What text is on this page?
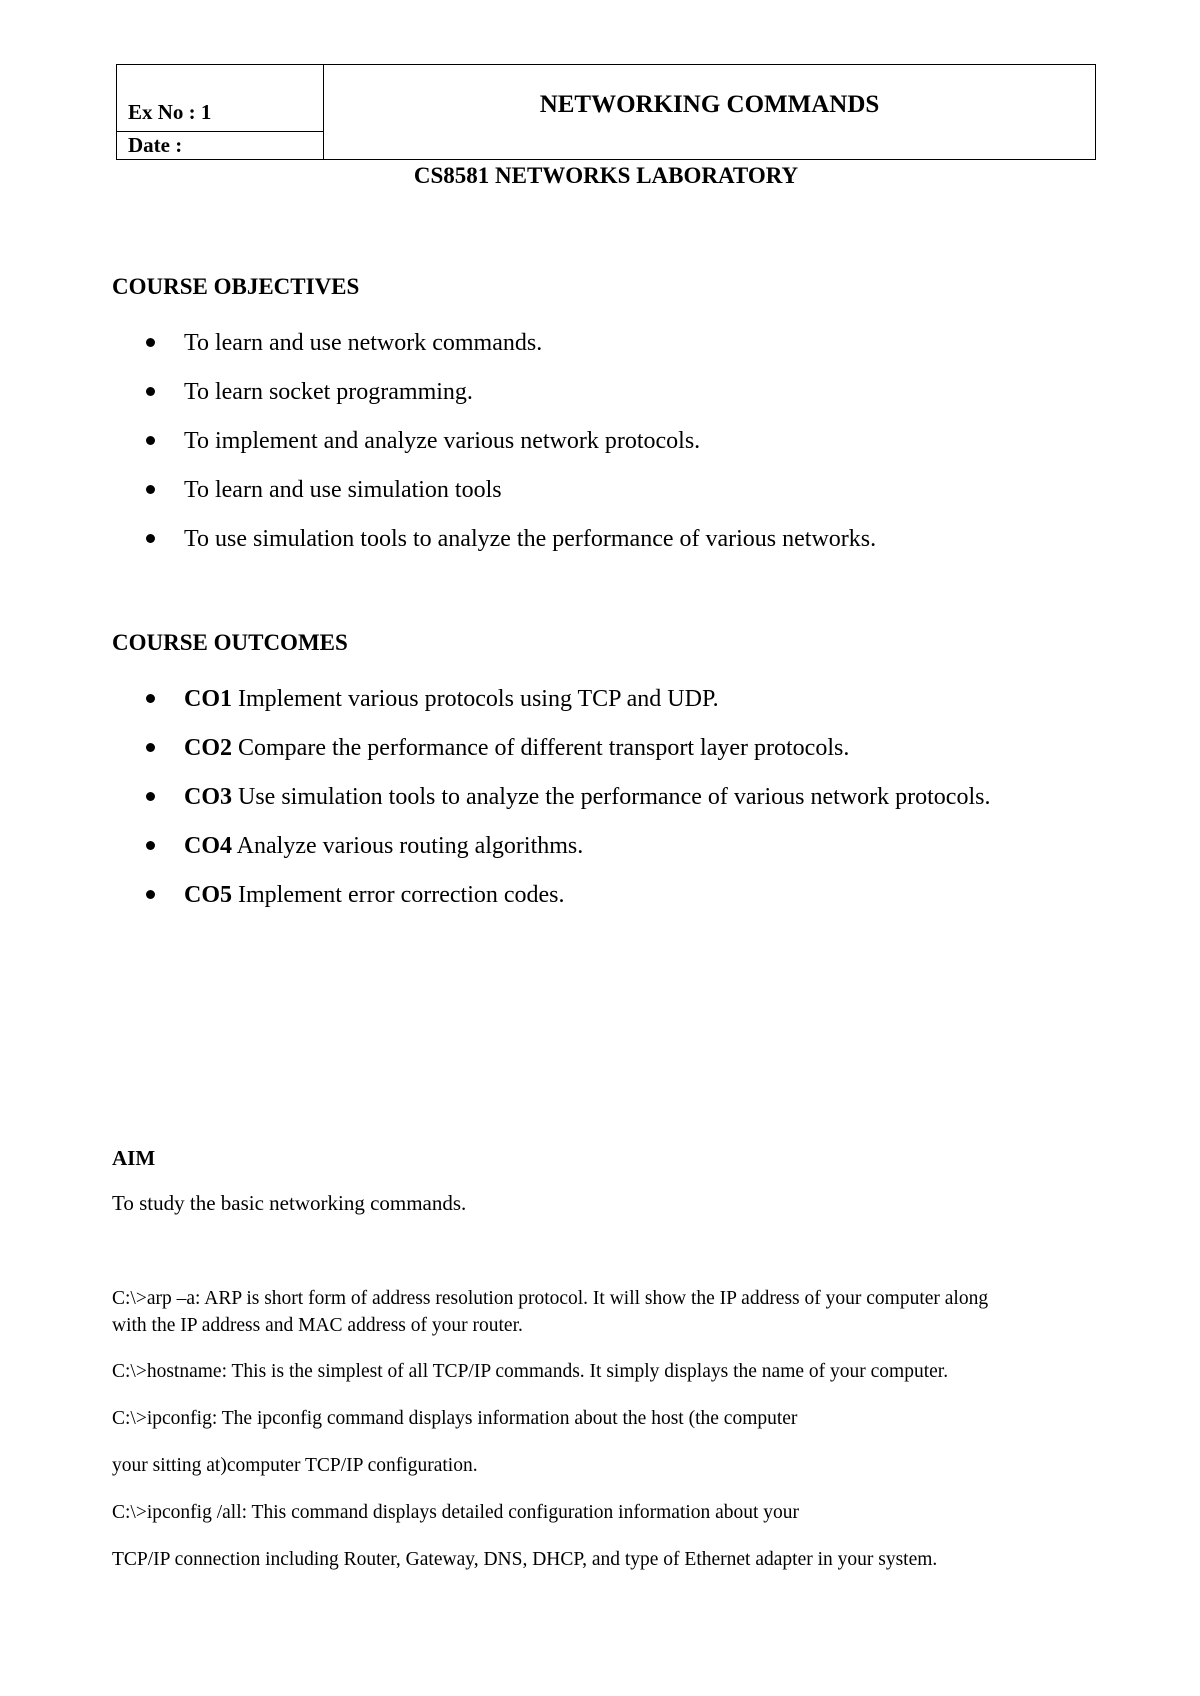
Ex No : 1
Date :
NETWORKING COMMANDS
CS8581 NETWORKS LABORATORY
COURSE OBJECTIVES
To learn and use network commands.
To learn socket programming.
To implement and analyze various network protocols.
To learn and use simulation tools
To use simulation tools to analyze the performance of various networks.
COURSE OUTCOMES
CO1 Implement various protocols using TCP and UDP.
CO2 Compare the performance of different transport layer protocols.
CO3 Use simulation tools to analyze the performance of various network protocols.
CO4 Analyze various routing algorithms.
CO5 Implement error correction codes.
AIM
To study the basic networking commands.
C:\>arp –a: ARP is short form of address resolution protocol. It will show the IP address of your computer along
with the IP address and MAC address of your router.
C:\>hostname: This is the simplest of all TCP/IP commands. It simply displays the name of your computer.
C:\>ipconfig: The ipconfig command displays information about the host (the computer
your sitting at)computer TCP/IP configuration.
C:\>ipconfig /all: This command displays detailed configuration information about your
TCP/IP connection including Router, Gateway, DNS, DHCP, and type of Ethernet adapter in your system.
